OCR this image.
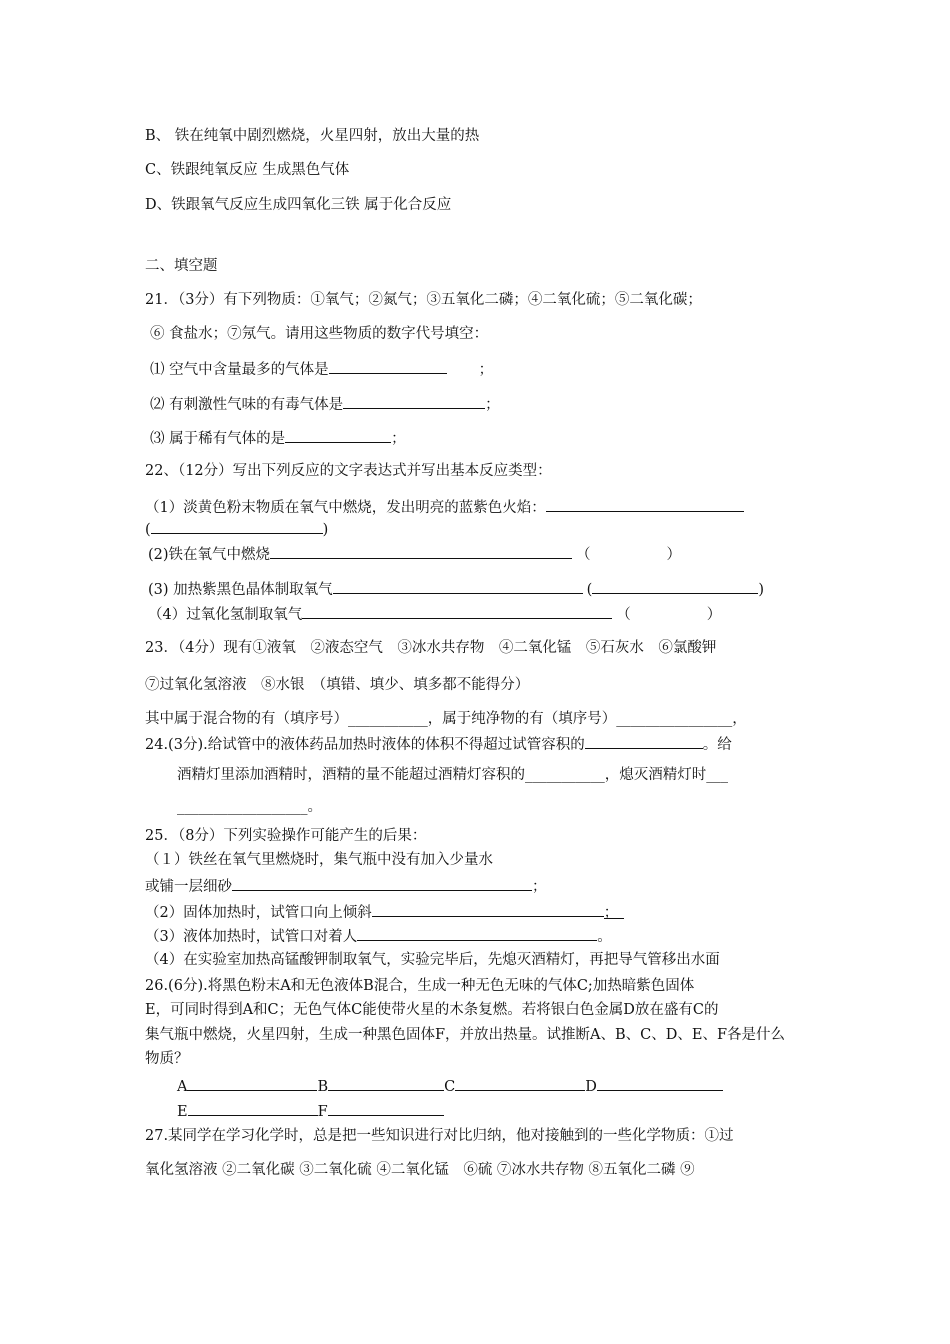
B、 铁在纯氧中剧烈燃烧，火星四射，放出大量的热
C、铁跟纯氧反应 生成黑色气体
D、铁跟氧气反应生成四氧化三铁 属于化合反应
二、填空题
21．（3分）有下列物质：①氧气；②氮气；③五氧化二磷；④二氧化硫；⑤二氧化碳；
⑥ 食盐水；⑦氖气。请用这些物质的数字代号填空：
⑴ 空气中含量最多的气体是	；
⑵ 有刺激性气味的有毒气体是	；
⑶ 属于稀有气体的是	；
22、（12分）写出下列反应的文字表达式并写出基本反应类型：
（1）淡黄色粉末物质在氧气中燃烧，发出明亮的蓝紫色火焰：
(	)
(2)铁在氧气中燃烧	（	）
(3) 加热紫黑色晶体制取氧气	(	)
（4）过氧化氢制取氧气	（	）
23．（4分）现有①液氧　②液态空气　③冰水共存物　④二氧化锰　⑤石灰水　⑥氯酸钾
⑦过氧化氢溶液　⑧水银　（填错、填少、填多都不能得分）
其中属于混合物的有（填序号）___________，属于纯净物的有（填序号）________________，
24.(3分).给试管中的液体药品加热时液体的体积不得超过试管容积的	。给
酒精灯里添加酒精时，酒精的量不能超过酒精灯容积的___________，熄灭酒精灯时___
__________________。
25．（8分）下列实验操作可能产生的后果：
（１）铁丝在氧气里燃烧时，集气瓶中没有加入少量水
或铺一层细砂	；
（2）固体加热时，试管口向上倾斜	；
（3）液体加热时，试管口对着人	。
（4）在实验室加热高锰酸钾制取氧气，实验完毕后，先熄灭酒精灯，再把导气管移出水面
26.(6分).将黑色粉末A和无色液体B混合，生成一种无色无味的气体C;加热暗紫色固体
E，可同时得到A和C；无色气体C能使带火星的木条复燃。若将银白色金属D放在盛有C的
集气瓶中燃烧，火星四射，生成一种黑色固体F，并放出热量。试推断A、B、C、D、E、F各是什么
物质？
A	B	C	D
E	F
27.某同学在学习化学时，总是把一些知识进行对比归纳，他对接触到的一些化学物质：①过
氧化氢溶液 ②二氧化碳 ③二氧化硫 ④二氧化锰　⑥硫 ⑦冰水共存物 ⑧五氧化二磷 ⑨
